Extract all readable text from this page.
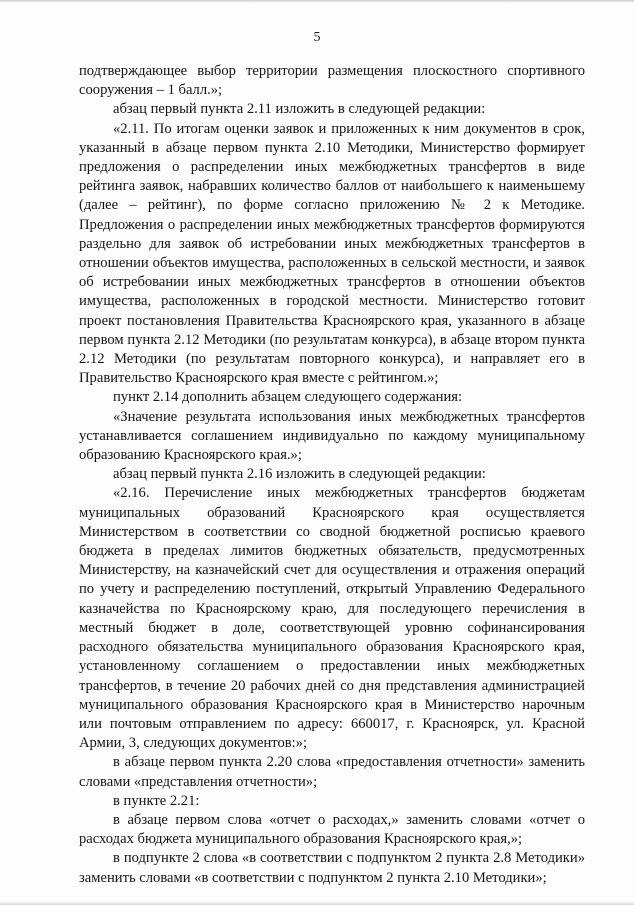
5

подтверждающее выбор территории размещения плоскостного спортивного сооружения – 1 балл.»;

абзац первый пункта 2.11 изложить в следующей редакции:

«2.11. По итогам оценки заявок и приложенных к ним документов в срок, указанный в абзаце первом пункта 2.10 Методики, Министерство формирует предложения о распределении иных межбюджетных трансфертов в виде рейтинга заявок, набравших количество баллов от наибольшего к наименьшему (далее – рейтинг), по форме согласно приложению № 2 к Методике. Предложения о распределении иных межбюджетных трансфертов формируются раздельно для заявок об истребовании иных межбюджетных трансфертов в отношении объектов имущества, расположенных в сельской местности, и заявок об истребовании иных межбюджетных трансфертов в отношении объектов имущества, расположенных в городской местности. Министерство готовит проект постановления Правительства Красноярского края, указанного в абзаце первом пункта 2.12 Методики (по результатам конкурса), в абзаце втором пункта 2.12 Методики (по результатам повторного конкурса), и направляет его в Правительство Красноярского края вместе с рейтингом.»;

пункт 2.14 дополнить абзацем следующего содержания:

«Значение результата использования иных межбюджетных трансфертов устанавливается соглашением индивидуально по каждому муниципальному образованию Красноярского края.»;

абзац первый пункта 2.16 изложить в следующей редакции:

«2.16. Перечисление иных межбюджетных трансфертов бюджетам муниципальных образований Красноярского края осуществляется Министерством в соответствии со сводной бюджетной росписью краевого бюджета в пределах лимитов бюджетных обязательств, предусмотренных Министерству, на казначейский счет для осуществления и отражения операций по учету и распределению поступлений, открытый Управлению Федерального казначейства по Красноярскому краю, для последующего перечисления в местный бюджет в доле, соответствующей уровню софинансирования расходного обязательства муниципального образования Красноярского края, установленному соглашением о предоставлении иных межбюджетных трансфертов, в течение 20 рабочих дней со дня представления администрацией муниципального образования Красноярского края в Министерство нарочным или почтовым отправлением по адресу: 660017, г. Красноярск, ул. Красной Армии, 3, следующих документов:»;

в абзаце первом пункта 2.20 слова «предоставления отчетности» заменить словами «представления отчетности»;

в пункте 2.21:

в абзаце первом слова «отчет о расходах,» заменить словами «отчет о расходах бюджета муниципального образования Красноярского края,»;

в подпункте 2 слова «в соответствии с подпунктом 2 пункта 2.8 Методики» заменить словами «в соответствии с подпунктом 2 пункта 2.10 Методики»;
